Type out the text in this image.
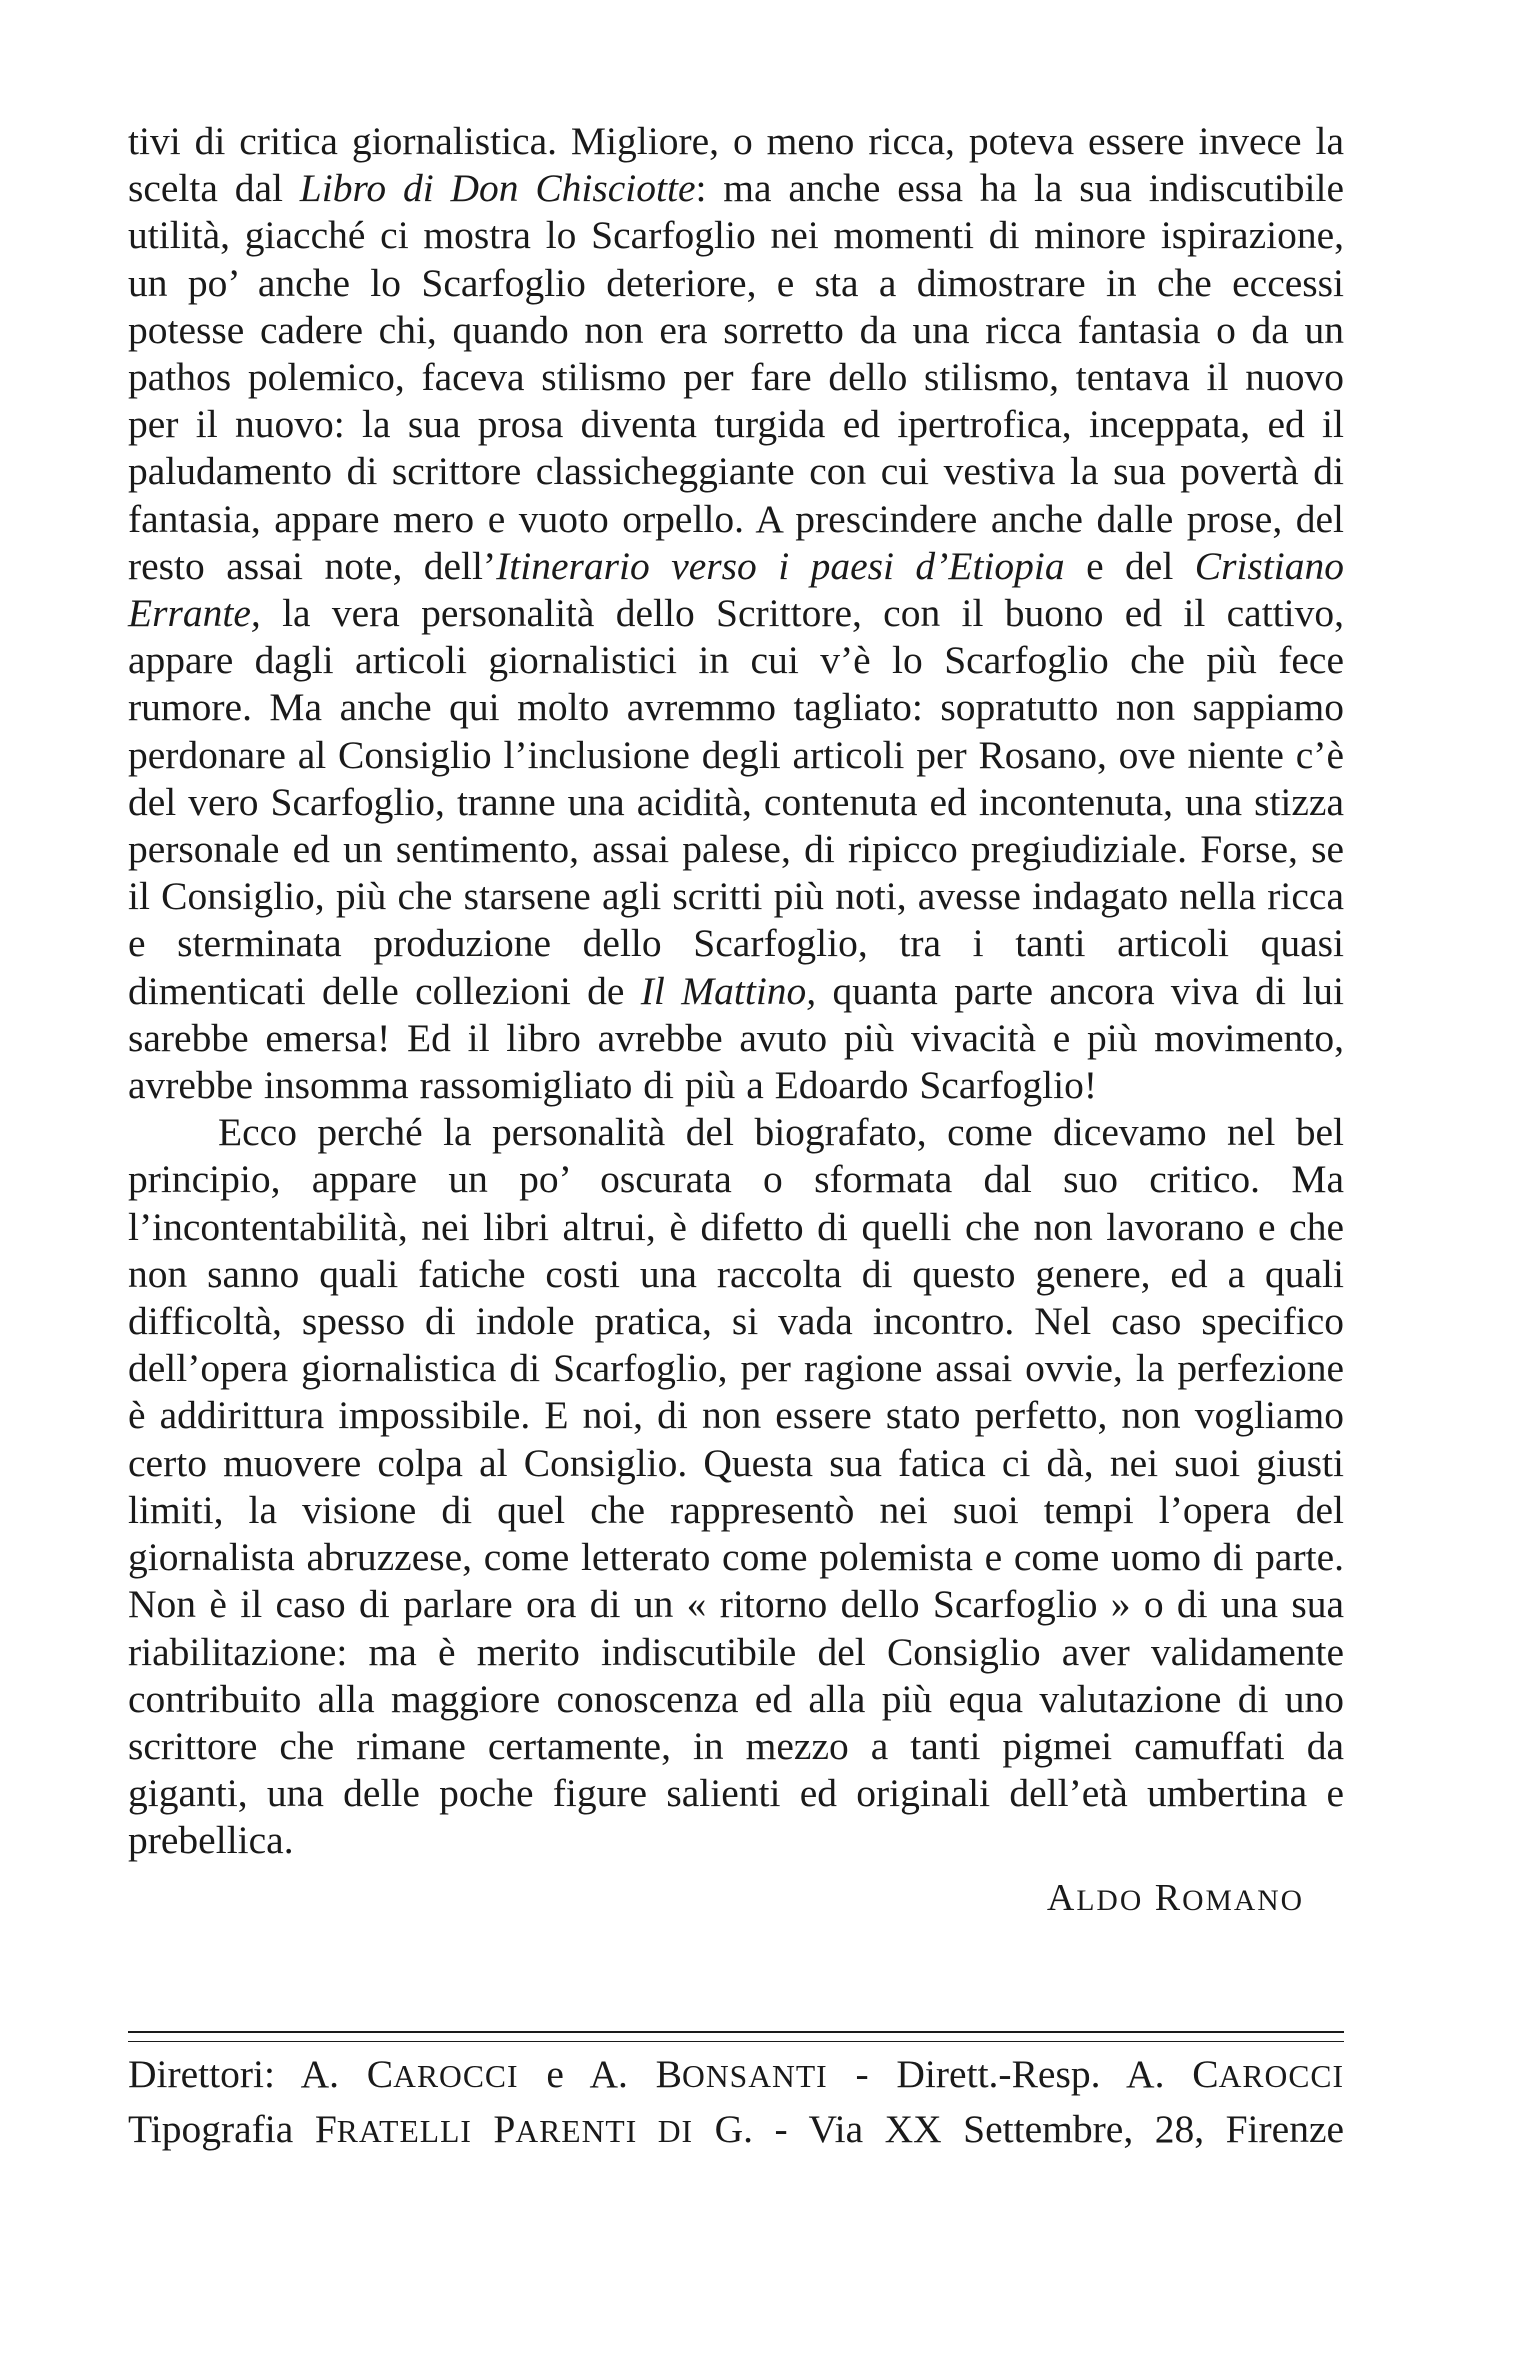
tivi di critica giornalistica. Migliore, o meno ricca, poteva essere invece la scelta dal Libro di Don Chisciotte: ma anche essa ha la sua indiscutibile utilità, giacché ci mostra lo Scarfoglio nei momenti di minore ispirazione, un po’ anche lo Scarfoglio deteriore, e sta a dimostrare in che eccessi potesse cadere chi, quando non era sorretto da una ricca fantasia o da un pathos polemico, faceva stilismo per fare dello stilismo, tentava il nuovo per il nuovo: la sua prosa diventa turgida ed ipertrofica, inceppata, ed il paludamento di scrittore classicheggiante con cui vestiva la sua povertà di fantasia, appare mero e vuoto orpello. A prescindere anche dalle prose, del resto assai note, dell’Itinerario verso i paesi d’Etiopia e del Cristiano Errante, la vera personalità dello Scrittore, con il buono ed il cattivo, appare dagli articoli giornalistici in cui v’è lo Scarfoglio che più fece rumore. Ma anche qui molto avremmo tagliato: sopratutto non sappiamo perdonare al Consiglio l’inclusione degli articoli per Rosano, ove niente c’è del vero Scarfoglio, tranne una acidità, contenuta ed incontenuta, una stizza personale ed un sentimento, assai palese, di ripicco pregiudiziale. Forse, se il Consiglio, più che starsene agli scritti più noti, avesse indagato nella ricca e sterminata produzione dello Scarfoglio, tra i tanti articoli quasi dimenticati delle collezioni de Il Mattino, quanta parte ancora viva di lui sarebbe emersa! Ed il libro avrebbe avuto più vivacità e più movimento, avrebbe insomma rassomigliato di più a Edoardo Scarfoglio!

Ecco perché la personalità del biografato, come dicevamo nel bel principio, appare un po’ oscurata o sformata dal suo critico. Ma l’incontentabilità, nei libri altrui, è difetto di quelli che non lavorano e che non sanno quali fatiche costi una raccolta di questo genere, ed a quali difficoltà, spesso di indole pratica, si vada incontro. Nel caso specifico dell’opera giornalistica di Scarfoglio, per ragione assai ovvie, la perfezione è addirittura impossibile. E noi, di non essere stato perfetto, non vogliamo certo muovere colpa al Consiglio. Questa sua fatica ci dà, nei suoi giusti limiti, la visione di quel che rappresentò nei suoi tempi l’opera del giornalista abruzzese, come letterato come polemista e come uomo di parte. Non è il caso di parlare ora di un « ritorno dello Scarfoglio » o di una sua riabilitazione: ma è merito indiscutibile del Consiglio aver validamente contribuito alla maggiore conoscenza ed alla più equa valutazione di uno scrittore che rimane certamente, in mezzo a tanti pigmei camuffati da giganti, una delle poche figure salienti ed originali dell’età umbertina e prebellica.

ALDO ROMANO
Direttori: A. CAROCCI e A. BONSANTI - Dirett.-Resp. A. CAROCCI
Tipografia FRATELLI PARENTI DI G. - Via XX Settembre, 28, Firenze
